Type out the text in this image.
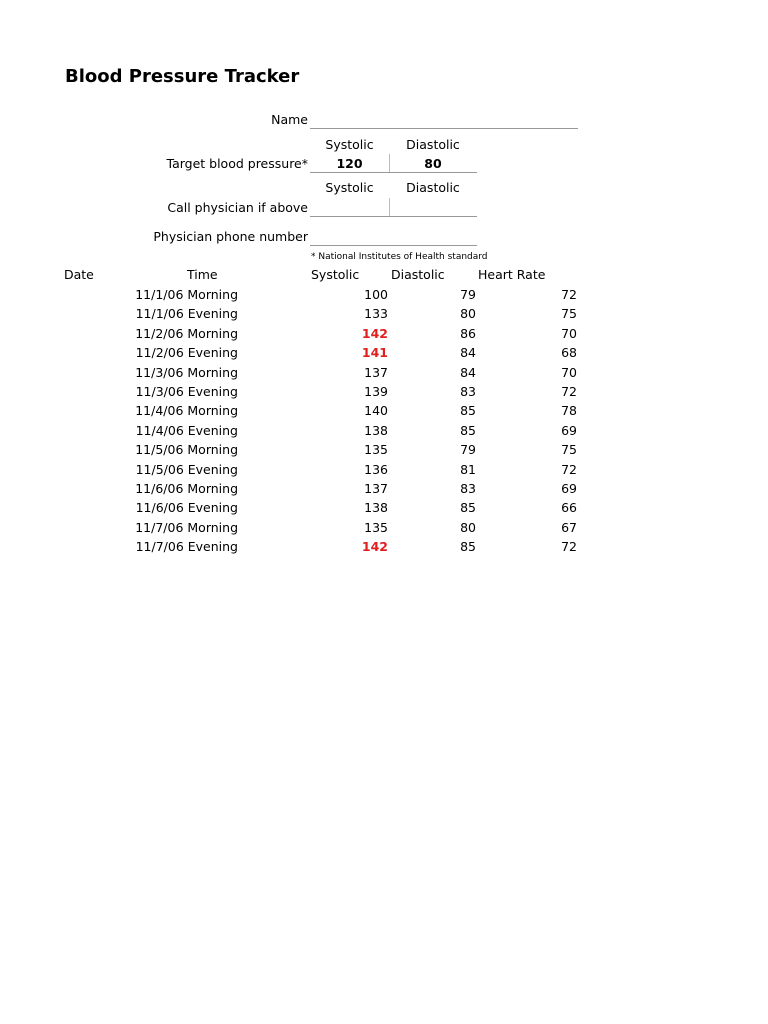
Blood Pressure Tracker
Name
Systolic	Diastolic
Target blood pressure*	120	80
Systolic	Diastolic
Call physician if above
Physician phone number
* National Institutes of Health standard
Date	Time	Systolic	Diastolic	Heart Rate
11/1/06 Morning	100	79	72
11/1/06 Evening	133	80	75
11/2/06 Morning	142	86	70
11/2/06 Evening	141	84	68
11/3/06 Morning	137	84	70
11/3/06 Evening	139	83	72
11/4/06 Morning	140	85	78
11/4/06 Evening	138	85	69
11/5/06 Morning	135	79	75
11/5/06 Evening	136	81	72
11/6/06 Morning	137	83	69
11/6/06 Evening	138	85	66
11/7/06 Morning	135	80	67
11/7/06 Evening	142	85	72
